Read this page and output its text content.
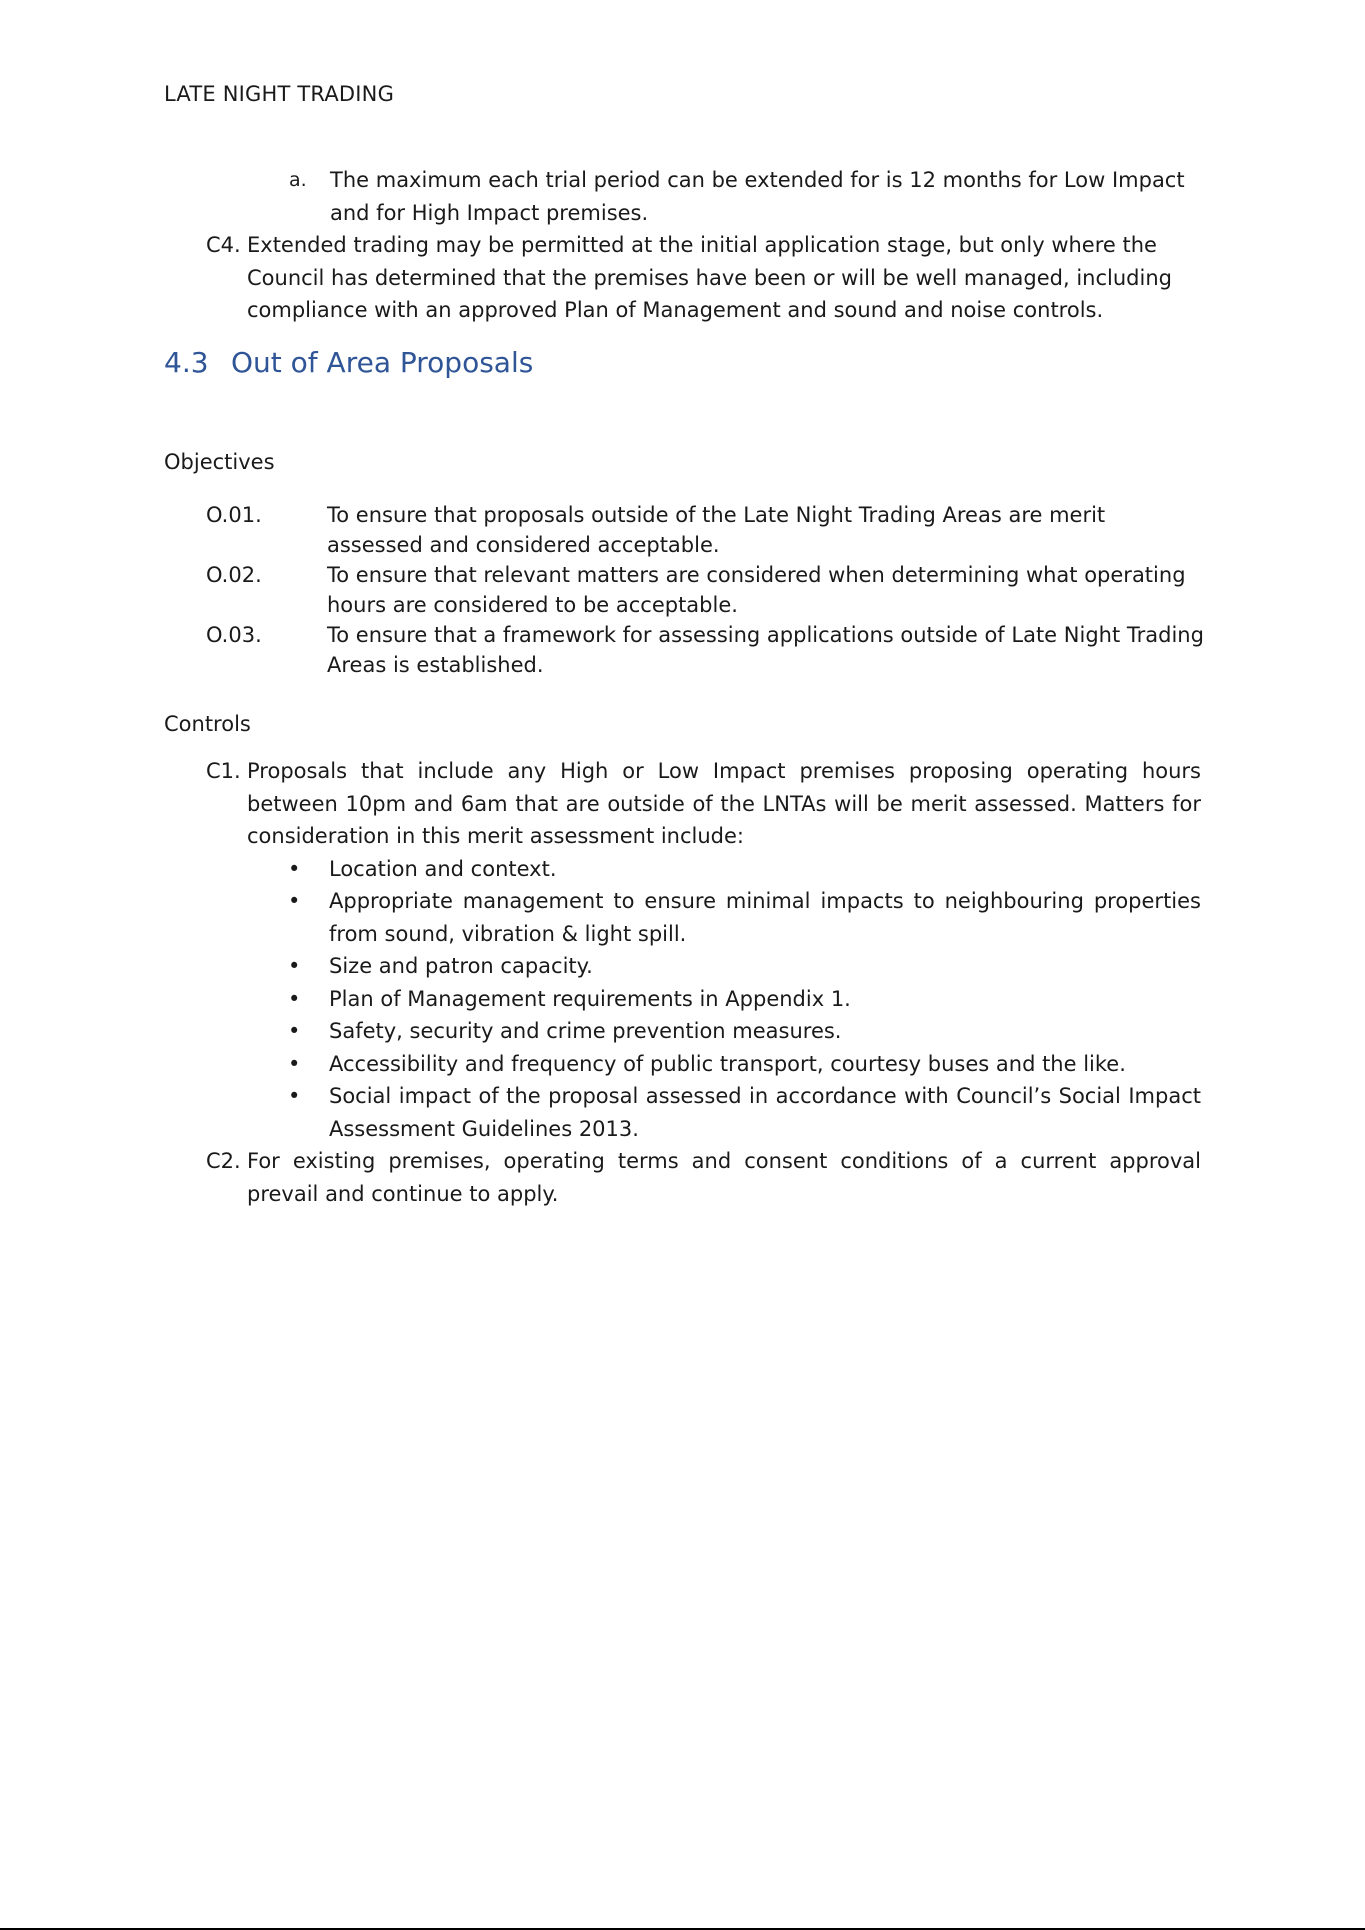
LATE NIGHT TRADING
a. The maximum each trial period can be extended for is 12 months for Low Impact and for High Impact premises.
C4. Extended trading may be permitted at the initial application stage, but only where the Council has determined that the premises have been or will be well managed, including compliance with an approved Plan of Management and sound and noise controls.
4.3 Out of Area Proposals
Objectives
O.01.	To ensure that proposals outside of the Late Night Trading Areas are merit assessed and considered acceptable.
O.02.	To ensure that relevant matters are considered when determining what operating hours are considered to be acceptable.
O.03.	To ensure that a framework for assessing applications outside of Late Night Trading Areas is established.
Controls
C1. Proposals that include any High or Low Impact premises proposing operating hours between 10pm and 6am that are outside of the LNTAs will be merit assessed. Matters for consideration in this merit assessment include:
• Location and context.
• Appropriate management to ensure minimal impacts to neighbouring properties from sound, vibration & light spill.
• Size and patron capacity.
• Plan of Management requirements in Appendix 1.
• Safety, security and crime prevention measures.
• Accessibility and frequency of public transport, courtesy buses and the like.
• Social impact of the proposal assessed in accordance with Council’s Social Impact Assessment Guidelines 2013.
C2. For existing premises, operating terms and consent conditions of a current approval prevail and continue to apply.
